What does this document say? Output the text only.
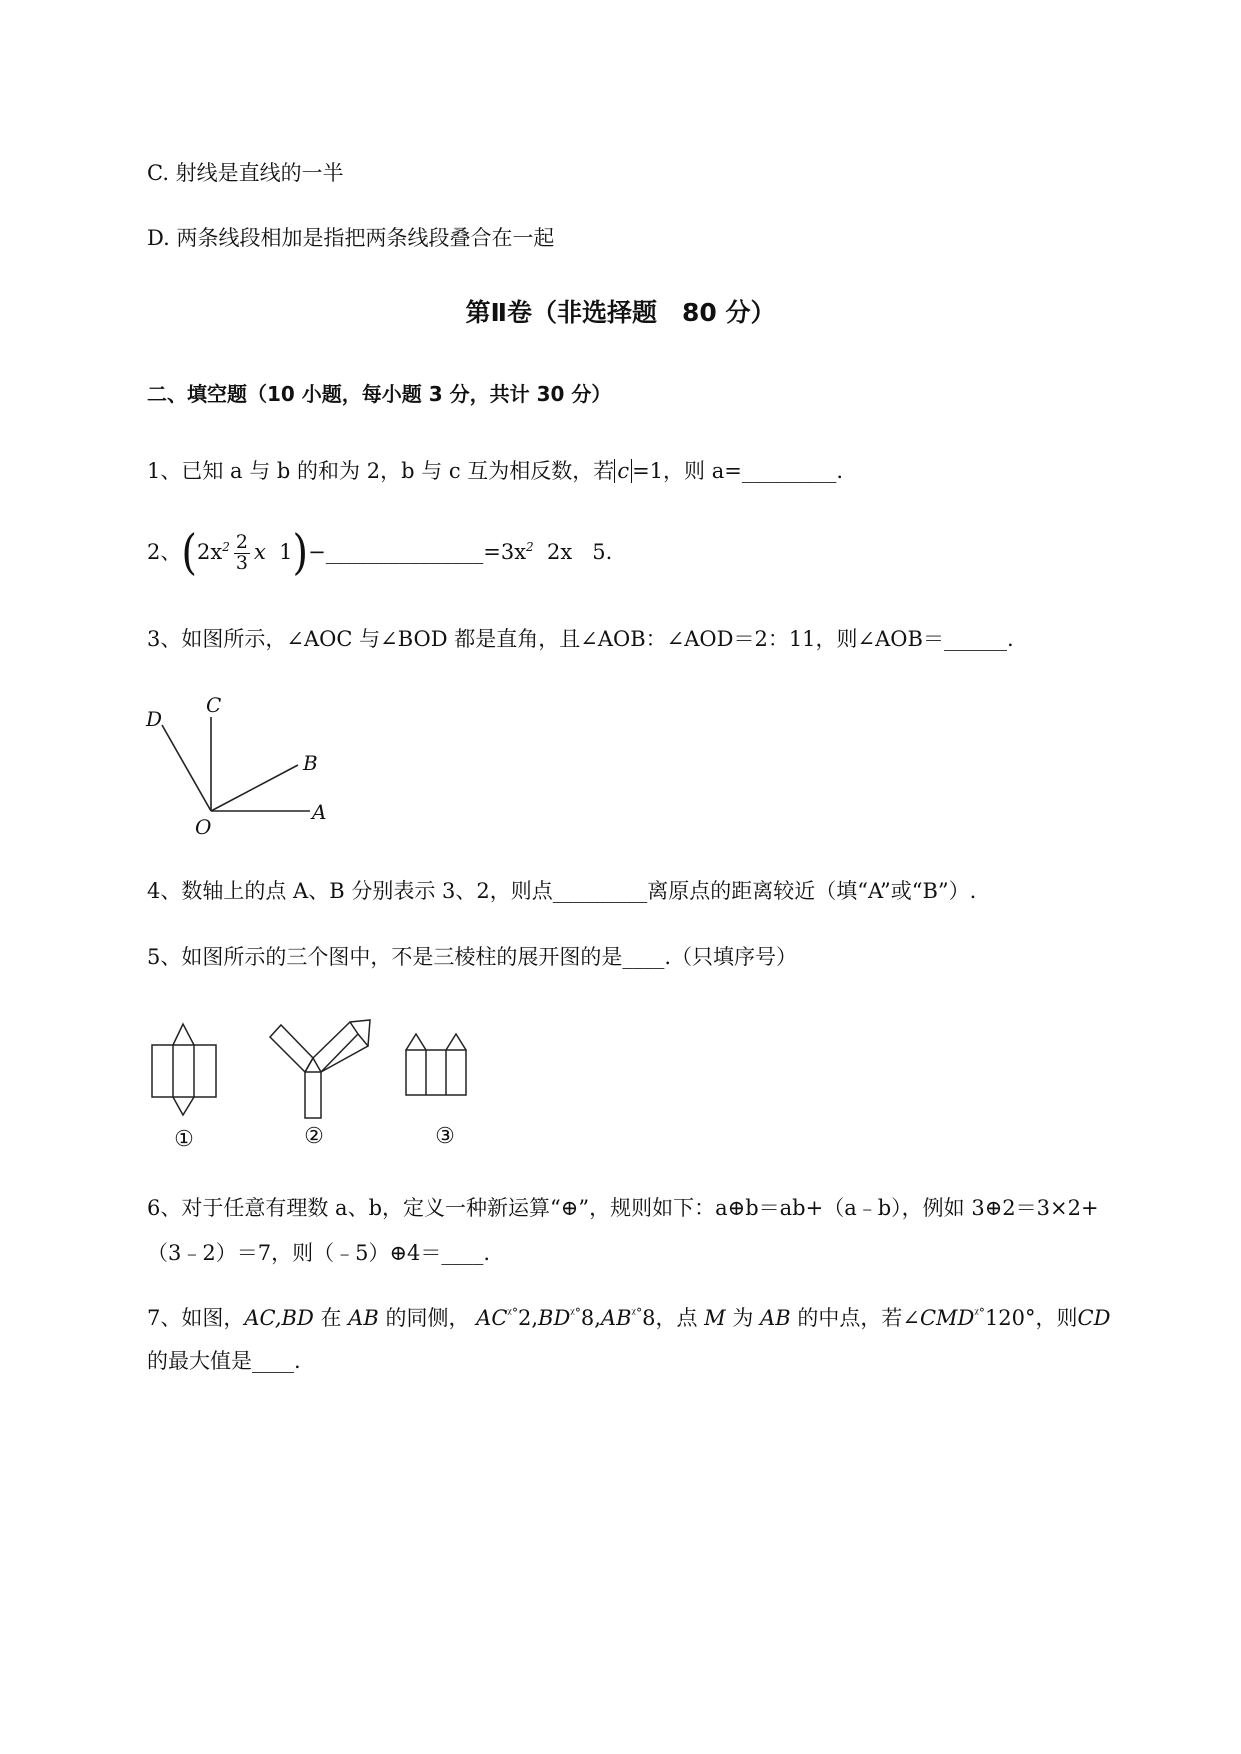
C. 射线是直线的一半
D. 两条线段相加是指把两条线段叠合在一起
第Ⅱ卷（非选择题　80 分）
二、填空题（10 小题，每小题 3 分，共计 30 分）
1、已知 a 与 b 的和为 2，b 与 c 互为相反数，若 c =1，则 a=_________.
2、($2x^2 \frac{2}{3}$ x $1)-\_\_\_\_\_\_\_\_\_\_\_\_\_\_\_=3x^2$ 2x 5.
3、如图所示，∠AOC 与∠BOD 都是直角，且∠AOB：∠AOD＝2：11，则∠AOB＝______.
D
C
B
A
O
4、数轴上的点 A、B 分别表示 3、2，则点_________离原点的距离较近（填“A”或“B”）.
5、如图所示的三个图中，不是三棱柱的展开图的是____.（只填序号）
①	②	③
6、对于任意有理数 a、b，定义一种新运算“⊕”，规则如下：a⊕b＝ab+（a﹣b），例如 3⊕2＝3×2+
（3﹣2）＝7，则（﹣5）⊕4＝____.
7、如图，AC,BD 在 AB 的同侧， $AC^{ᵡ^\circ}2,BD^{ᵡ^\circ}8,AB^{ᵡ^\circ}8$，点 M 为 AB 的中点，若$\angle CMD^{ᵡ^\circ}120^\circ$，则CD
的最大值是____.
